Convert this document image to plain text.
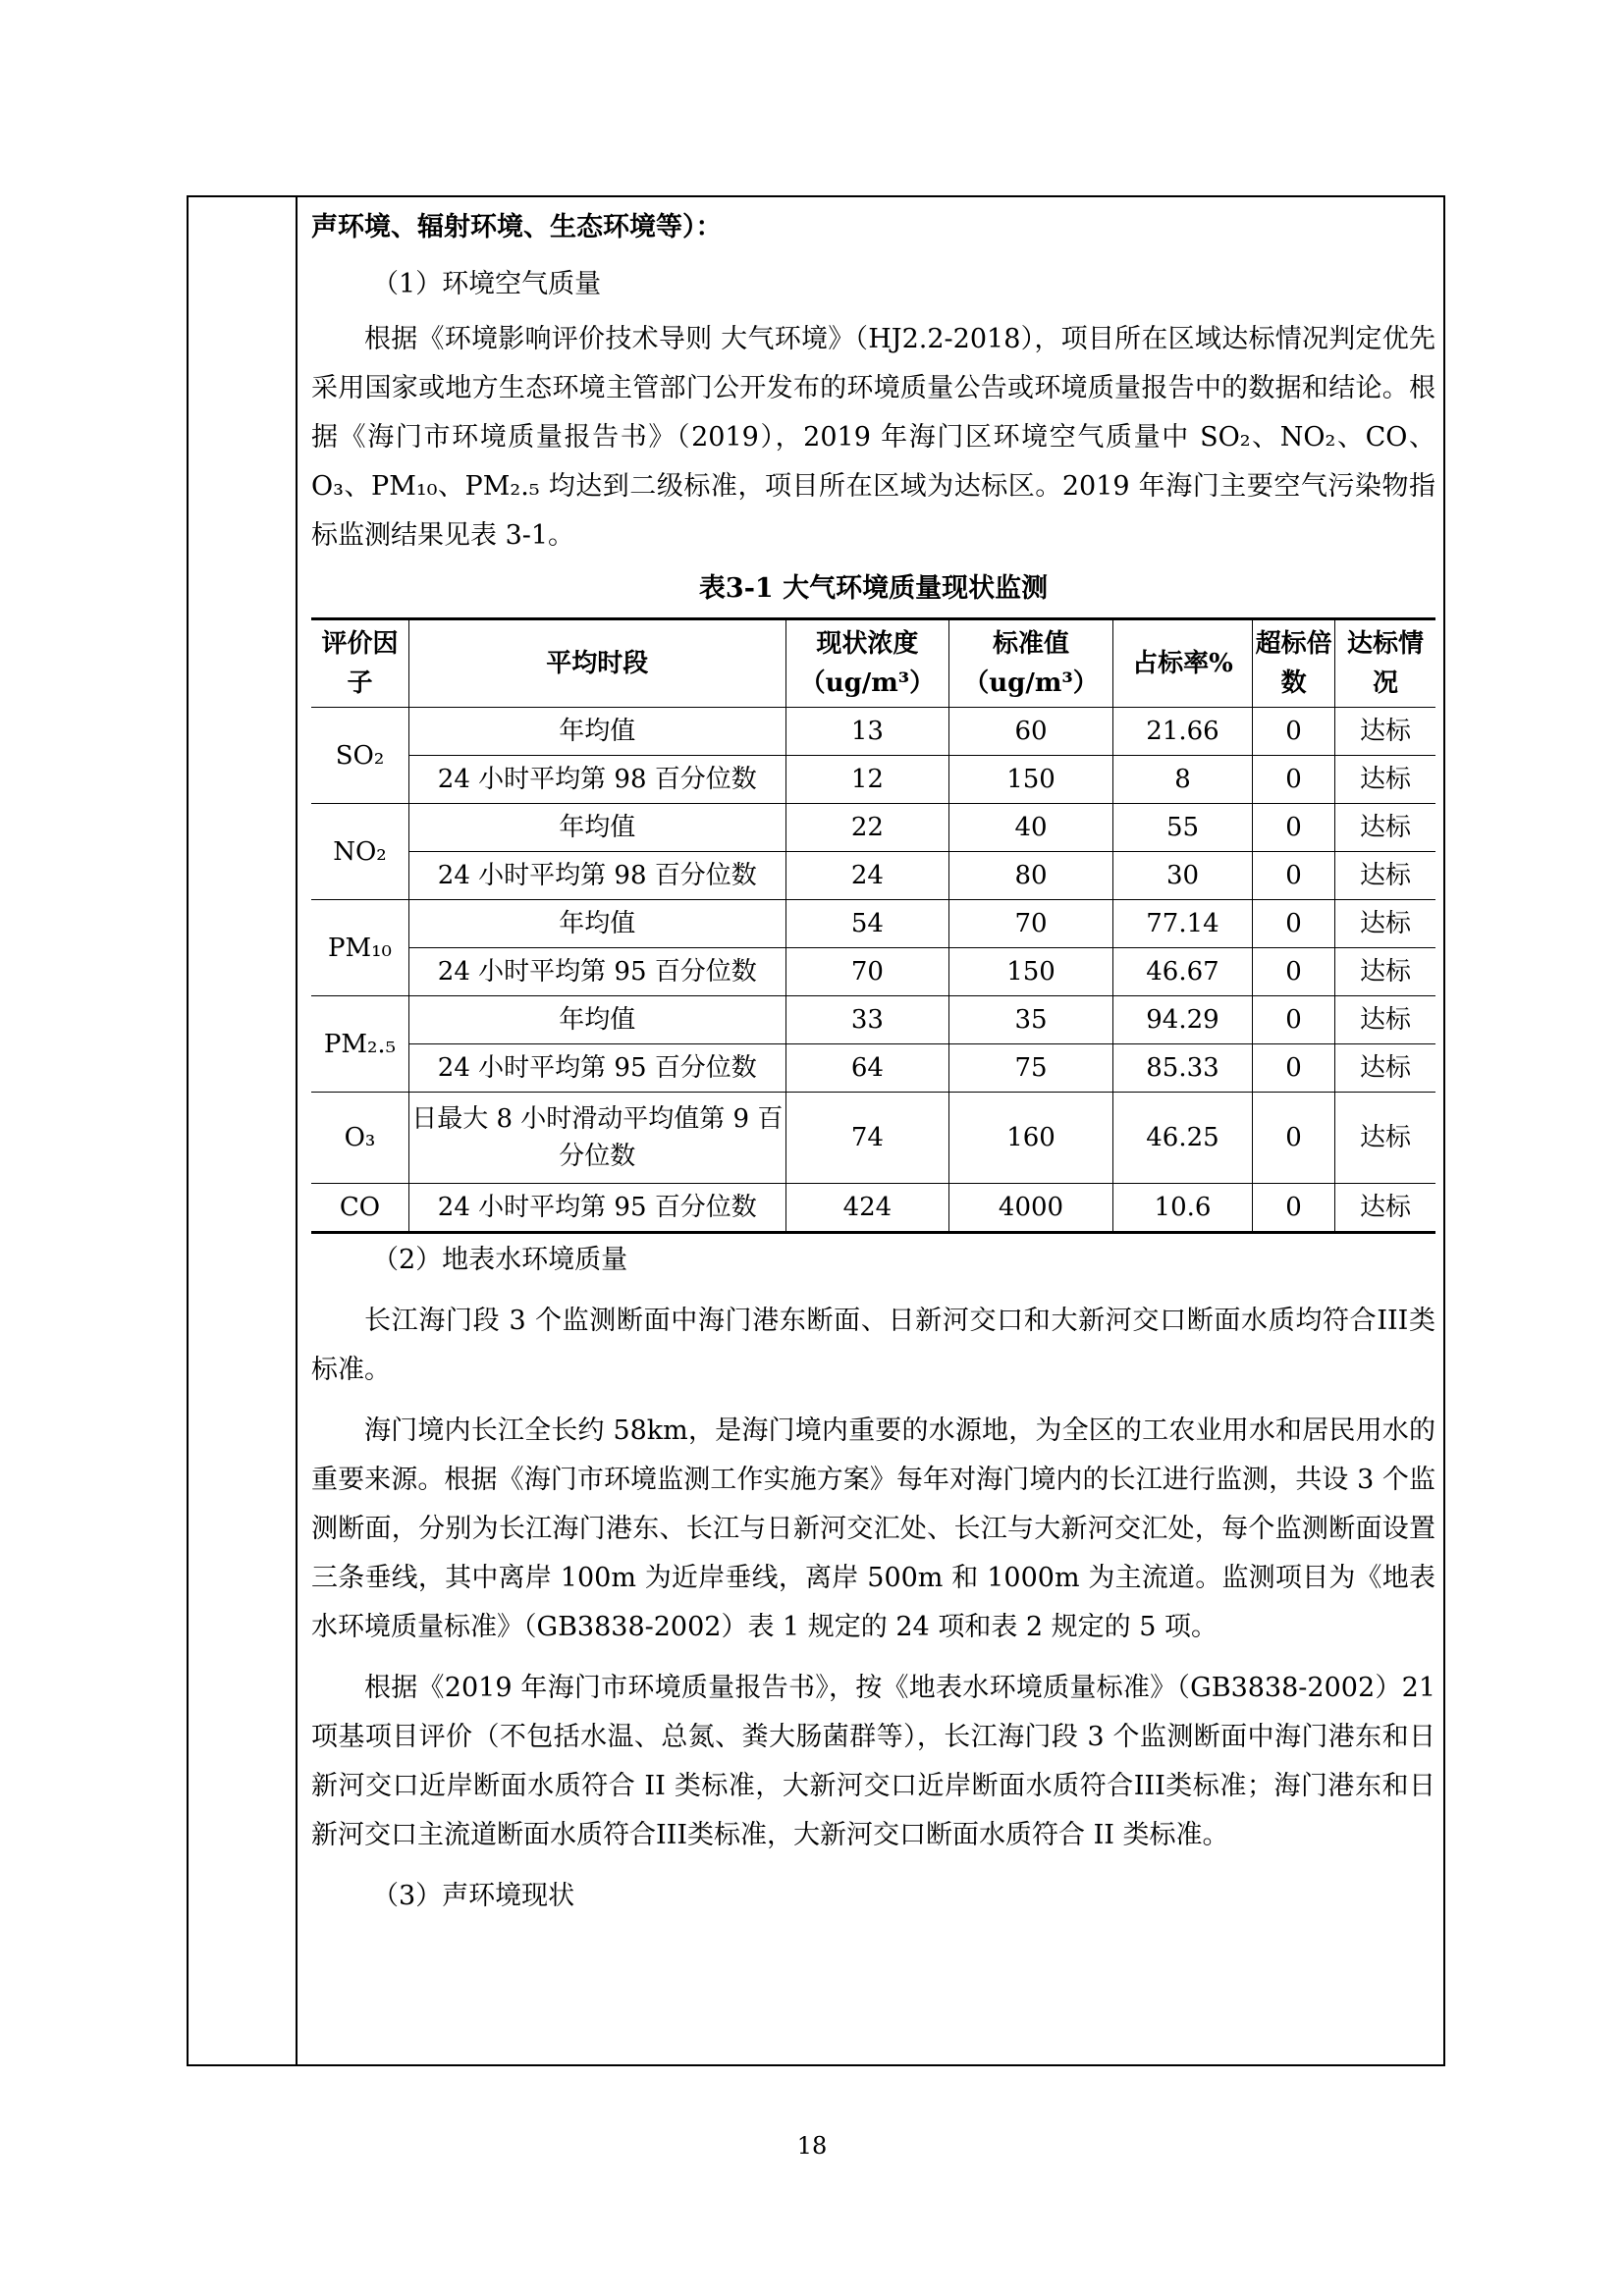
声环境、辐射环境、生态环境等）：

（1）环境空气质量

根据《环境影响评价技术导则 大气环境》（HJ2.2-2018），项目所在区域达标情况判定优先采用国家或地方生态环境主管部门公开发布的环境质量公告或环境质量报告中的数据和结论。根据《海门市环境质量报告书》（2019），2019 年海门区环境空气质量中 SO₂、NO₂、CO、O₃、PM₁₀、PM₂.₅ 均达到二级标准，项目所在区域为达标区。2019 年海门主要空气污染物指标监测结果见表 3-1。

表3-1 大气环境质量现状监测

评价因子	平均时段	现状浓度（ug/m³）	标准值（ug/m³）	占标率%	超标倍数	达标情况
SO₂	年均值	13	60	21.66	0	达标
	24 小时平均第 98 百分位数	12	150	8	0	达标
NO₂	年均值	22	40	55	0	达标
	24 小时平均第 98 百分位数	24	80	30	0	达标
PM₁₀	年均值	54	70	77.14	0	达标
	24 小时平均第 95 百分位数	70	150	46.67	0	达标
PM₂.₅	年均值	33	35	94.29	0	达标
	24 小时平均第 95 百分位数	64	75	85.33	0	达标
O₃	日最大 8 小时滑动平均值第 9 百分位数	74	160	46.25	0	达标
CO	24 小时平均第 95 百分位数	424	4000	10.6	0	达标

（2）地表水环境质量

长江海门段 3 个监测断面中海门港东断面、日新河交口和大新河交口断面水质均符合III类标准。

海门境内长江全长约 58km，是海门境内重要的水源地，为全区的工农业用水和居民用水的重要来源。根据《海门市环境监测工作实施方案》每年对海门境内的长江进行监测，共设 3 个监测断面，分别为长江海门港东、长江与日新河交汇处、长江与大新河交汇处，每个监测断面设置三条垂线，其中离岸 100m 为近岸垂线，离岸 500m 和 1000m 为主流道。监测项目为《地表水环境质量标准》（GB3838-2002）表 1 规定的 24 项和表 2 规定的 5 项。

根据《2019 年海门市环境质量报告书》，按《地表水环境质量标准》（GB3838-2002）21 项基项目评价（不包括水温、总氮、粪大肠菌群等），长江海门段 3 个监测断面中海门港东和日新河交口近岸断面水质符合 II 类标准，大新河交口近岸断面水质符合III类标准；海门港东和日新河交口主流道断面水质符合III类标准，大新河交口断面水质符合 II 类标准。

（3）声环境现状

18
